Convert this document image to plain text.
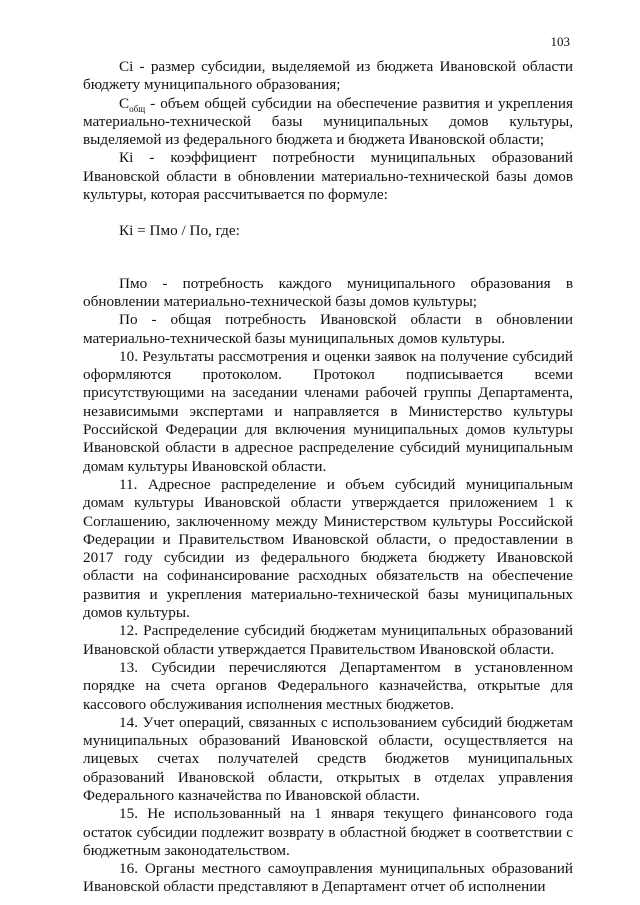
103

Ci - размер субсидии, выделяемой из бюджета Ивановской области бюджету муниципального образования;

$С_{общ}$ - объем общей субсидии на обеспечение развития и укрепления материально-технической базы муниципальных домов культуры, выделяемой из федерального бюджета и бюджета Ивановской области;

Кi - коэффициент потребности муниципальных образований Ивановской области в обновлении материально-технической базы домов культуры, которая рассчитывается по формуле:

Кi = Пмо / По, где:

Пмо - потребность каждого муниципального образования в обновлении материально-технической базы домов культуры;

По - общая потребность Ивановской области в обновлении материально-технической базы муниципальных домов культуры.

10. Результаты рассмотрения и оценки заявок на получение субсидий оформляются протоколом. Протокол подписывается всеми присутствующими на заседании членами рабочей группы Департамента, независимыми экспертами и направляется в Министерство культуры Российской Федерации для включения муниципальных домов культуры Ивановской области в адресное распределение субсидий муниципальным домам культуры Ивановской области.

11. Адресное распределение и объем субсидий муниципальным домам культуры Ивановской области утверждается приложением 1 к Соглашению, заключенному между Министерством культуры Российской Федерации и Правительством Ивановской области, о предоставлении в 2017 году субсидии из федерального бюджета бюджету Ивановской области на софинансирование расходных обязательств на обеспечение развития и укрепления материально-технической базы муниципальных домов культуры.

12. Распределение субсидий бюджетам муниципальных образований Ивановской области утверждается Правительством Ивановской области.

13. Субсидии перечисляются Департаментом в установленном порядке на счета органов Федерального казначейства, открытые для кассового обслуживания исполнения местных бюджетов.

14. Учет операций, связанных с использованием субсидий бюджетам муниципальных образований Ивановской области, осуществляется на лицевых счетах получателей средств бюджетов муниципальных образований Ивановской области, открытых в отделах управления Федерального казначейства по Ивановской области.

15. Не использованный на 1 января текущего финансового года остаток субсидии подлежит возврату в областной бюджет в соответствии с бюджетным законодательством.

16. Органы местного самоуправления муниципальных образований Ивановской области представляют в Департамент отчет об исполнении
